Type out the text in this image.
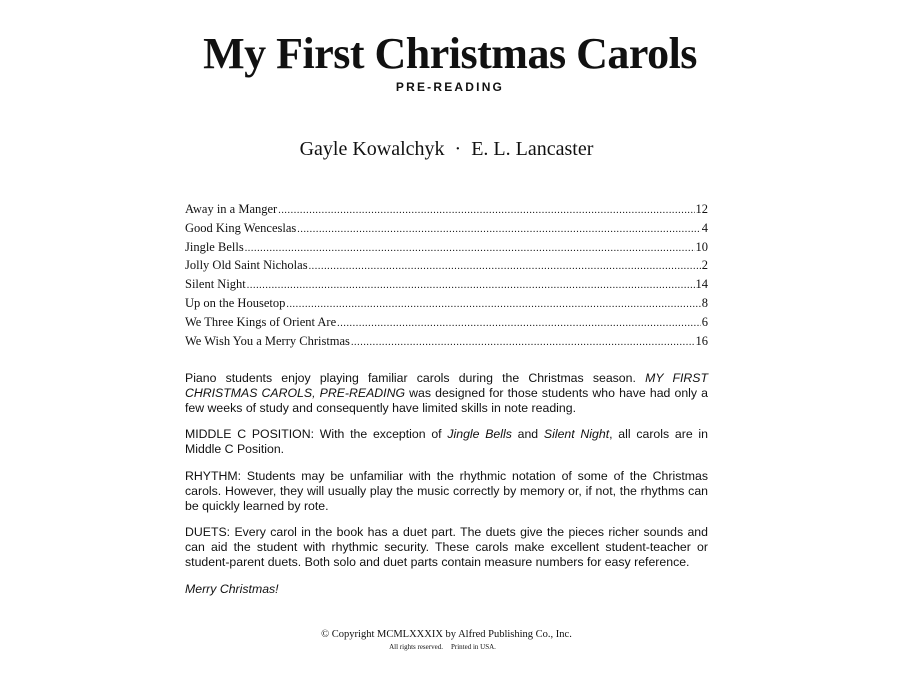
My First Christmas Carols
PRE-READING
Gayle Kowalchyk · E. L. Lancaster
Away in a Manger .....	12
Good King Wenceslas .....	4
Jingle Bells .....	10
Jolly Old Saint Nicholas .....	2
Silent Night .....	14
Up on the Housetop .....	8
We Three Kings of Orient Are .....	6
We Wish You a Merry Christmas .....	16

Piano students enjoy playing familiar carols during the Christmas season. MY FIRST CHRISTMAS CAROLS, PRE-READING was designed for those students who have had only a few weeks of study and consequently have limited skills in note reading.

MIDDLE C POSITION: With the exception of Jingle Bells and Silent Night, all carols are in Middle C Position.

RHYTHM: Students may be unfamiliar with the rhythmic notation of some of the Christmas carols. However, they will usually play the music correctly by memory or, if not, the rhythms can be quickly learned by rote.

DUETS: Every carol in the book has a duet part. The duets give the pieces richer sounds and can aid the student with rhythmic security. These carols make excellent student-teacher or student-parent duets. Both solo and duet parts contain measure numbers for easy reference.

Merry Christmas!

© Copyright MCMLXXXIX by Alfred Publishing Co., Inc.
All rights reserved. Printed in USA.
